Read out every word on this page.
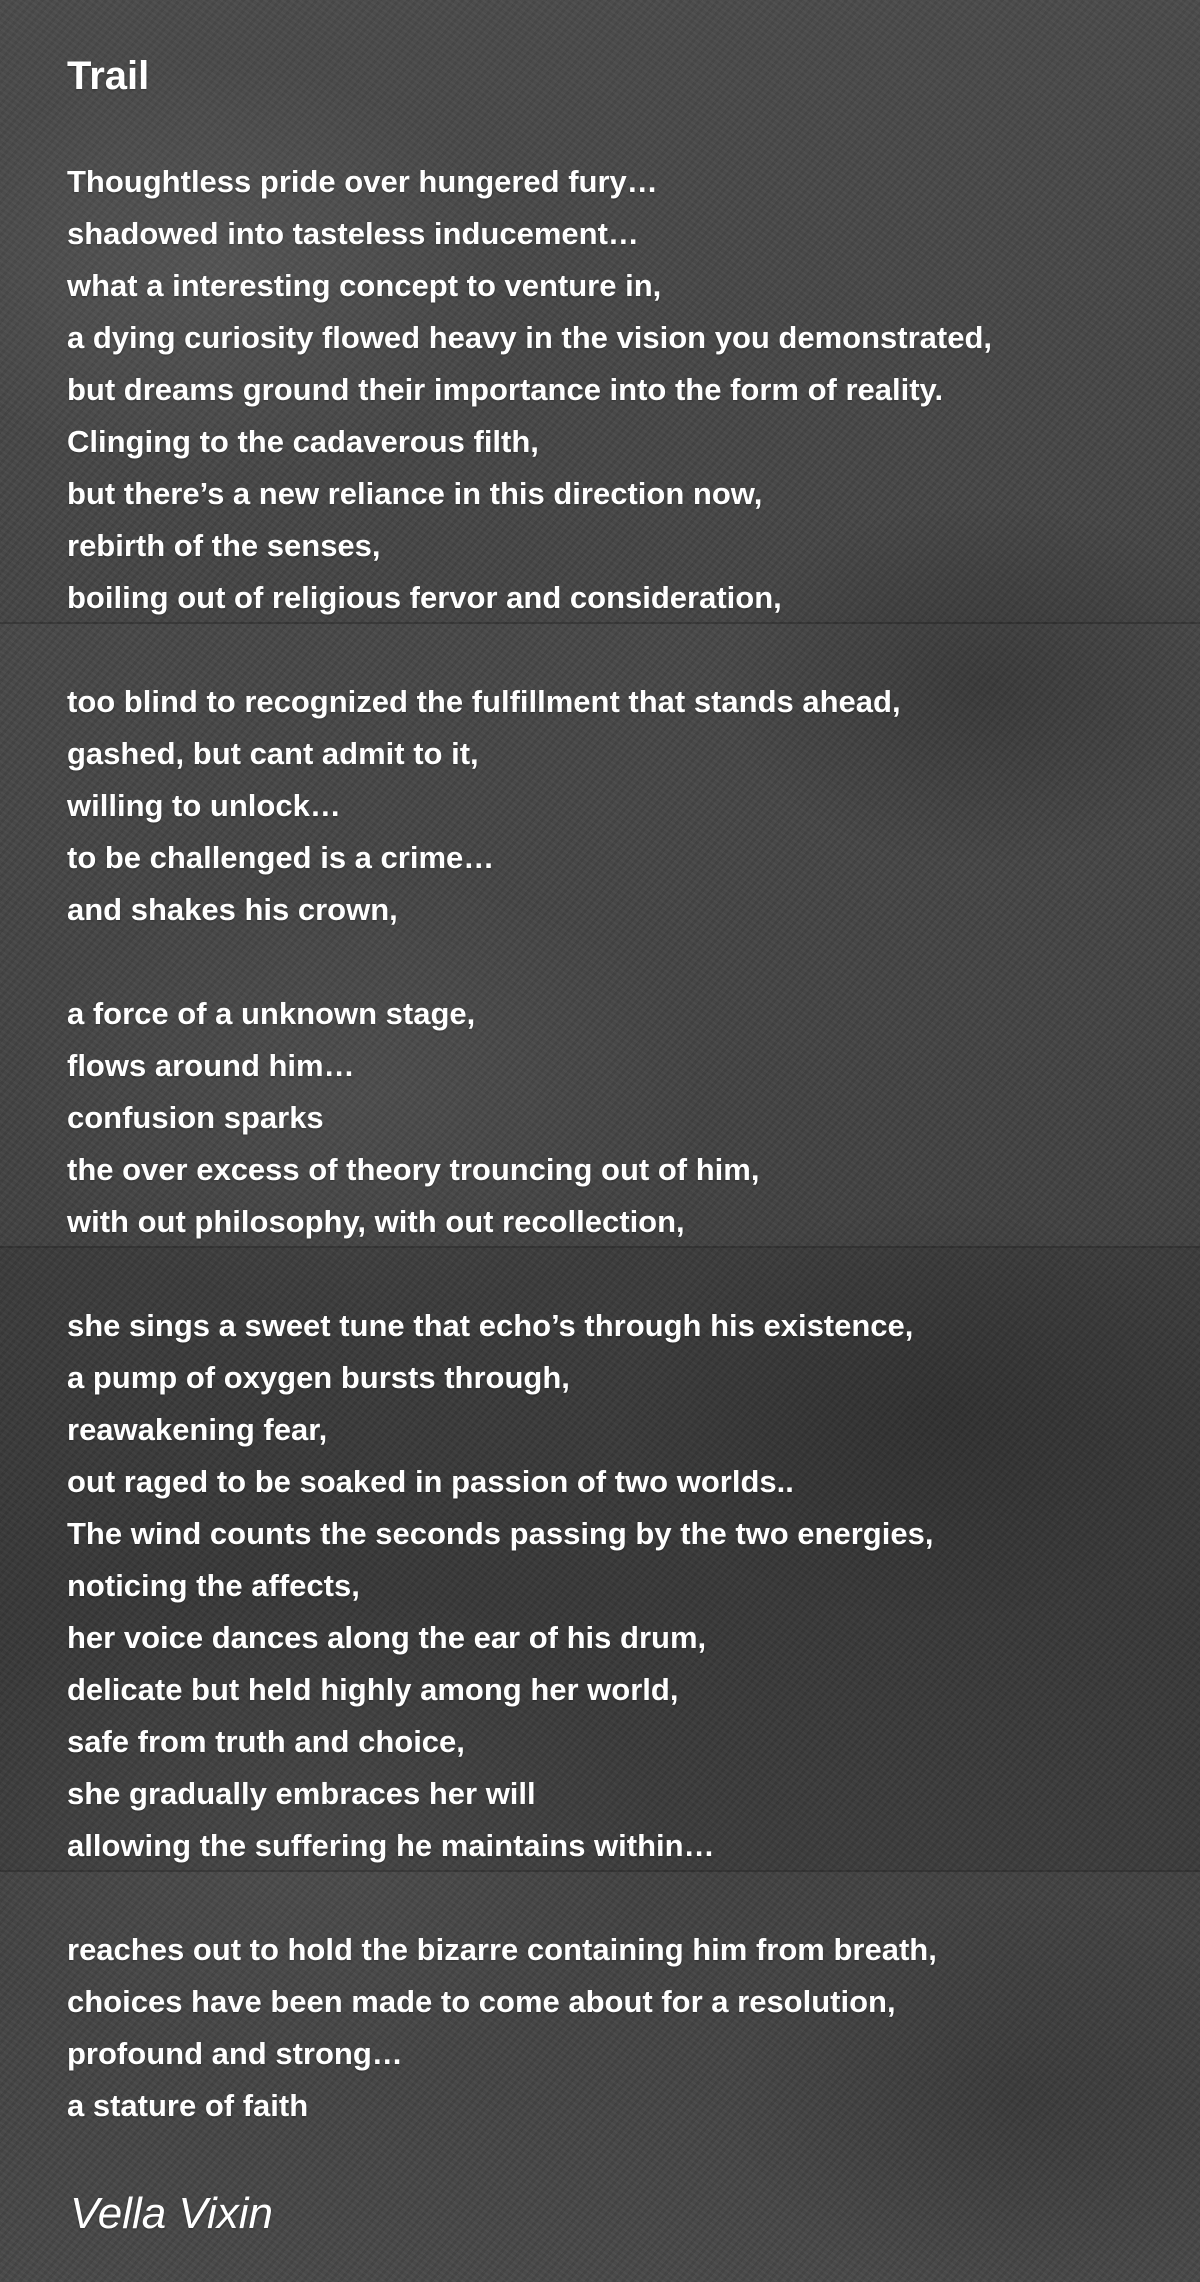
Trail
Thoughtless pride over hungered fury…
shadowed into tasteless inducement…
what a interesting concept to venture in,
a dying curiosity flowed heavy in the vision you demonstrated,
but dreams ground their importance into the form of reality.
Clinging to the cadaverous filth,
but there’s a new reliance in this direction now,
rebirth of the senses,
boiling out of religious fervor and consideration,
too blind to recognized the fulfillment that stands ahead,
gashed, but cant admit to it,
willing to unlock…
to be challenged is a crime…
and shakes his crown,
a force of a unknown stage,
flows around him…
confusion sparks
the over excess of theory trouncing out of him,
with out philosophy, with out recollection,
she sings a sweet tune that echo’s through his existence,
a pump of oxygen bursts through,
reawakening fear,
out raged to be soaked in passion of two worlds..
The wind counts the seconds passing by the two energies,
noticing the affects,
her voice dances along the ear of his drum,
delicate but held highly among her world,
safe from truth and choice,
she gradually embraces her will
allowing the suffering he maintains within…
reaches out to hold the bizarre containing him from breath,
choices have been made to come about for a resolution,
profound and strong…
a stature of faith
Vella Vixin
